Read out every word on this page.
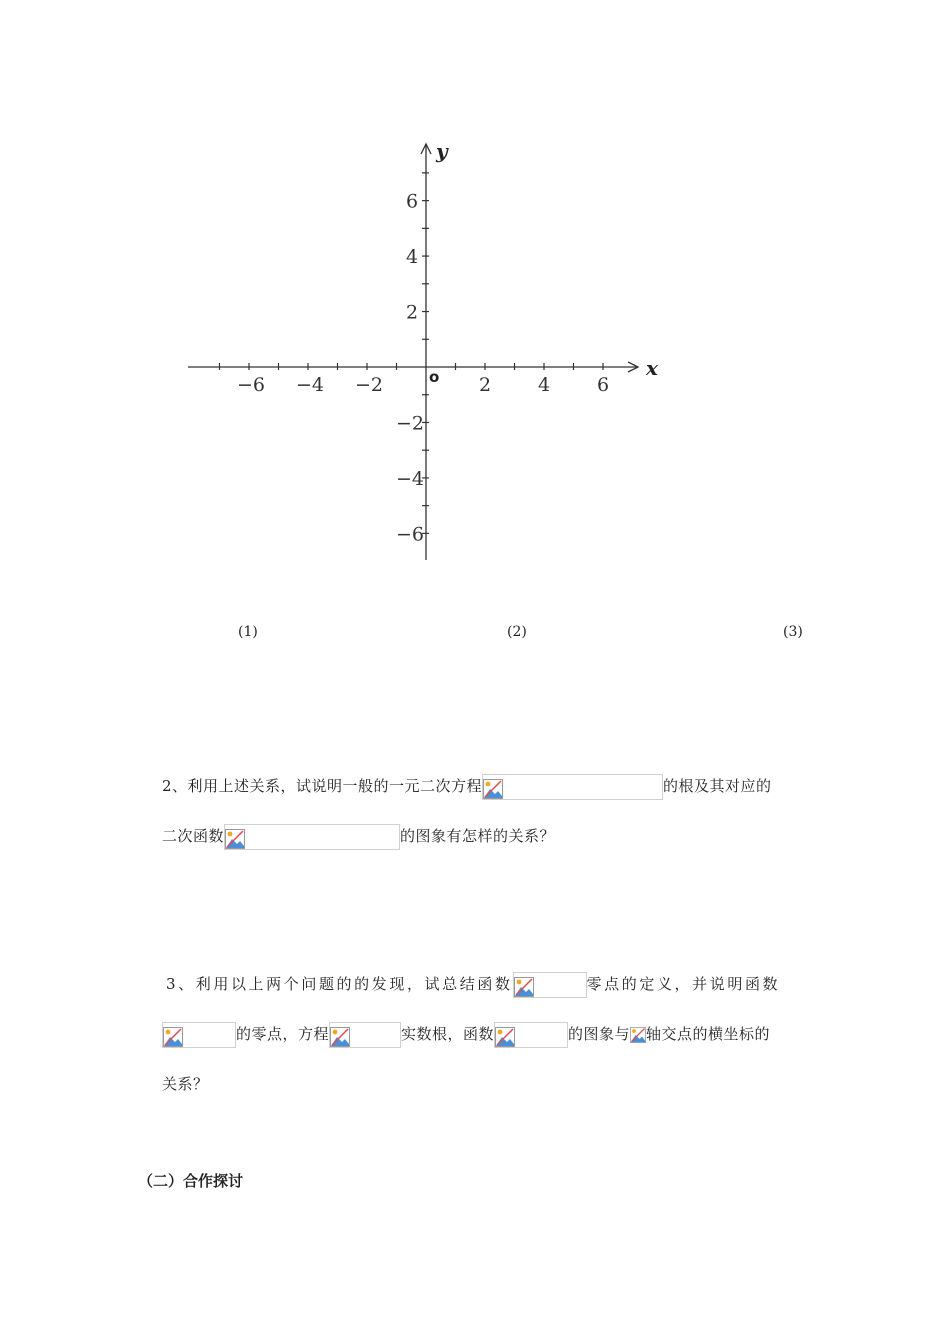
−6 −4 −2	2 4 6
6
4
2
−2
−4
−6
x
y
o
(1)	(2)	(3)
2、利用上述关系，试说明一般的一元二次方程	的根及其对应的
二次函数	的图象有怎样的关系？
3、利用以上两个问题的的发现，试总结函数	零点的定义，并说明函数
的零点，方程	实数根，函数	的图象与 轴交点的横坐标的
关系？
（二）合作探讨
